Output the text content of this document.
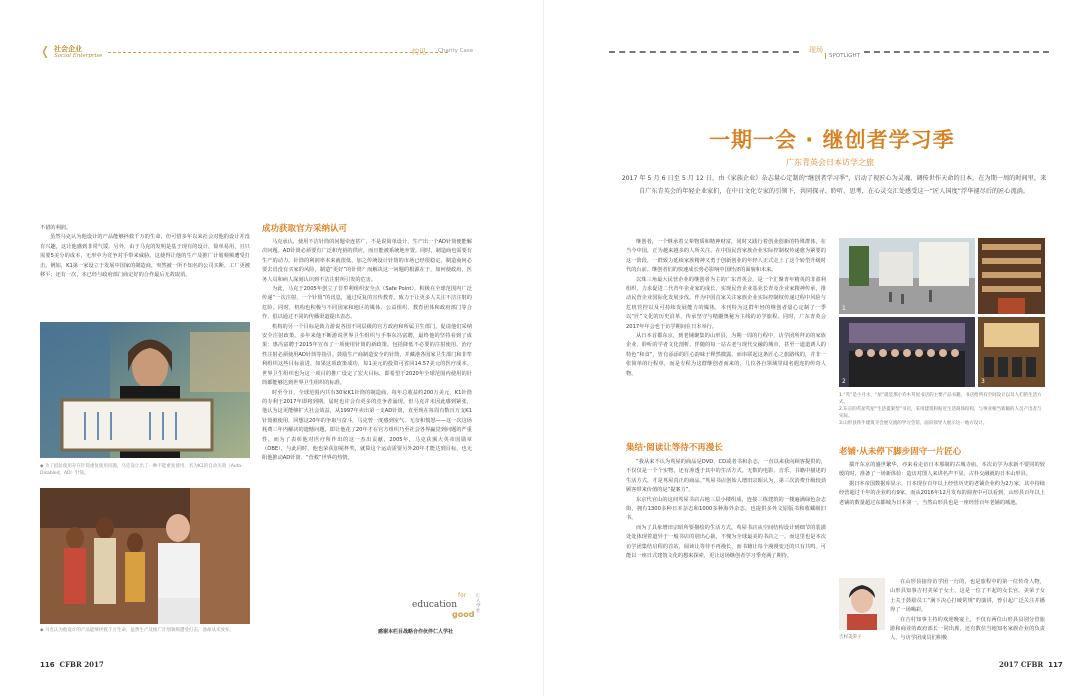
❬ 社会企业
Social Enterprise	约见 Charity Case

不错的利润。

虽然马克认为他设计的产品能够拯救千万的生命，但可惜多年以来社会对他的设计并没有兴趣，这让他感到非常气馁。另外，由于马克的发明是基于现有的设计，简单易用，且只需要5美分的成本，无形中为竞争对手带来威胁。这使得让他的生产及推广计划频频遭受打击。例如，K1第一家设立于发展中国家的制造商，突然被一所不知名的公司买断，工厂更被移平；还有一次，本已经与政府部门商定好的合作最后无故取消。

◆ 为了抵抗使用存在针筒重复使用问题，马克设计出了一种不能重复使用、名为K1的自动失效（Auto-Disabled，AD）针筒。
◆ 马克认为他设计的产品能够拯救千万生命，虽然生产及推广计划频频遭受打击，他却从未放弃。
成功获取官方采纳认可

马克承认，使用不洁针筒的问题牵连甚广，不是说简单设计、生产出一个AD针筒便能解决问题。AD针筒必须要有广泛和充裕的供应，而且能被系统地弃置。同时，制造商也需要有生产的动力。针筒的利润率本来就很低，加之传统设计针筒的市场已经很稳定，制造商何必要去冒没有买家的风险，制造“更好”的针筒？而解决这一问题的根源在于，如何使政府、医务人员和病人深刻认识到不洁注射所引发的危害。

为此，马克于2005年创立了非牟利组织安全点（Safe Point），积极在全球范围内广泛传递“一次注射，一个针筒”的讯息，通过反复的宣传教育，致力于让更多人关注不洁注射的危险。同时，机构也积极与不同国家和地区的媒体、公益组织、教育团体和政府部门等合作，倡以通过不同的传播渠道提出表态。

机构的另一个目标是致力游说各国不同层级的官方政府和所属卫生部门，促请他们采纳安全注射政策。多年来他不断游说世界卫生组织与手事东冯富聘，最终他的坚持看到了成果：惠冯富聘于2015年宣布了一项使用针筒的新政策。包括降低不必要的注射使用、治疗性注射必须使用AD针筒等指引。鼓励生产商制造安全的针筒，并藏港各国家卫生部门和非牟利组织这些目标前进。如果这项政策成功，每1美元的投资可省回14.57美元的医疗成本。世界卫生组织也为这一项目的推广设定了宏大目标，即希望于2020年全球范围内使用的针筒都能够达到世界卫生组织的标准。

时至今日，全球范围内共有30家K1针筒的制造商，每年总收益约200万美元，K1针筒的专利于2017年即将到期。届时也许会有更多的竞争者涌现。但马克并未因此感到紧张，他认为这更能够扩大社会效益，从1997年卖出第一支AD针筒，直至现在每周有数百万支K1针筒被使用，回想这20年的争取与奋斗，马克曾一度感到室气、无奈和愤怒——这一次这场耗费三年内解决的遗憾问题，即让他花了20年才在官方组织乃至社会各界赢觉到问题的严重性，而为了表彰他对医疗所作出的这一杰出贡献，2005年，马克获颁大英帝国勋章（OBE），与此同时，他也荣获加冕杯奖，就算这个运动需要另外20年才能达到目标，也无阻他推动AD针筒、“营救”世界的热情。

education
for
good
仁人学社
感谢本栏目战略合作伙伴仁人学社
116 CFBR 2017
现场
SPOTLIGHT
一期一会 · 继创者学习季
广东青英会日本访学之旅
2017 年 5 月 6 日至 5 月 12 日，由《家族企业》杂志量心定制的“继创者学习季”，启动了视匠心为灵魂、调传世作天命的日本。在为期一周的时间里，来自广东青英会的年轻企业家们，在中日文化专家的引领下，共同探寻、聆听、思考，在心灵交汇处感受这一“匠人国度”浮华褪尽后的匠心流淌。

继创者，一个继承着父辈物质和精神财富，同时又践行着创业创新的特殊群体，在当今中国，正为越来越多的人所关注。在中国民营家族企业实际控制权传递愈为紧要的这一阶段，一群致力延续家族精神又勇于创新创业的年轻人正式走上了这个转型升级时代的台前。继创者们的快速成长势必影响中国经济的面貌和未来。

以珠三角最大民营企业的继创者为主的广东青英会，是一个汇聚青年精英的非盈利组织，力求促进二代青年企业家的成长，实现民营企业基业长青及企业家精神传承，推动民营企业国际化发展步伐。作为中国首家关注家族企业实际控制权传递过程中风险与危机管控以及可持续发展能力的媒体，本刊特为这群年轻的继创者量心定制了一季以“匠”文化的历史沿革、传承坚守与精髓奥秘为主线的访学旅程。同时，广东青英会2017年年会也于访学期间在日本举行。

从日本首都东京，到老铺聚集的山形县，为期一周的行程中，访学团所拜访的家族企业、聆听的学者文化剖析、伴随的每一站古老与现代交融的城市，甚至一道道诱人的特色“和食”，皆有添添的匠心韵味于释然微露。而串联起这条匠心之旅路线的，并非一张简单的行程单，而是专程为这群继创者而来的、几位各自领域里闻名遐迩的传奇人物。

集结·阅读让等待不再漫长

“我从来不认为茑屋的商品是DVD、CD或者书和杂志，一直以来我向顾客提供的，不仅仅是一个个实物，还有渗透于其中的生活方式。无数的电影、音乐、书籍中描述的生活方式，才是茑屋真正的商品。”茑屋书店创始人增田宗昭认为，第三次消费升级较劲顾客带来价值的是“提案力”。

东京代官山的这间茑屋书店占地三层小楼组成，连接三栋建筑的一楼遍满绿色杂志街，拥有1300多种日本杂志和1000多种海外杂志，也提供多外文原版书和收藏级旧书。

而为了具象增田宗昭所要描绘的生活方式，茑屋书店从空间结构设计到细节的装潢处处体现着道异于一般书店的别出心裁，不愧为全球最美的书店之一。而这里也是本次访学团集结启程的首站，阅读让等待不再漫长，而书籍让每个漫漫变迁的只有共鸣。可能以一座日式建筑文化的想来探索，更让这场继创者学习季充满了期待。

1
2	3
1.“茑”是小月水，“屋”就是那小乔木茑屋书店的主要产品书籍，书店给所有空间设计以及人们的生活方式。
2.东京的茑屋茑屋“生活提案型”书店，采用建筑和贴近生活商场结构，与事业相当新颖的人员产出者与实际。
3.山形县铁牛建筑寺会展交流的学习会馆，面向领导人展示这一地方设计。
老铺·从未停下脚步固守一片匠心

揣开东京的盛世繁华，亦来看走访日本那制的古城寺庙。本次访学为求新不要同的较缓的时，准备了一场新体验：造访对图人来讲名声不显、古朴交融就的日本山形县。

据日本帝国数据库显示，日本现存百年以上经营历史的老铺企业约为2万家，其中持续经营超过千年的企业约有9家，而从2016年12月发布的调查中可以看到，山形县百年以上老铺的数量超过东都城为日本第一，当然山形县也是一座经营百年老铺的城池。

吉村美荣子

在山形县接待访学团一行的，也是旅程中的第一位传奇人物，山形县知事吉村美荣子女士，这是一位了不起的女长官。美荣子女士关于鼓励员工“满下决心打破常规”的演讲，曾引起广泛关注并播得了一场喝彩。

在吉村知事主持的欢迎晚宴上，不仅有两位山形县县别分管旅游和商业的政府部长一同出席，还有数位当地知名家族企业的负责人，与访学团成员们积极

2017 CFBR 117
